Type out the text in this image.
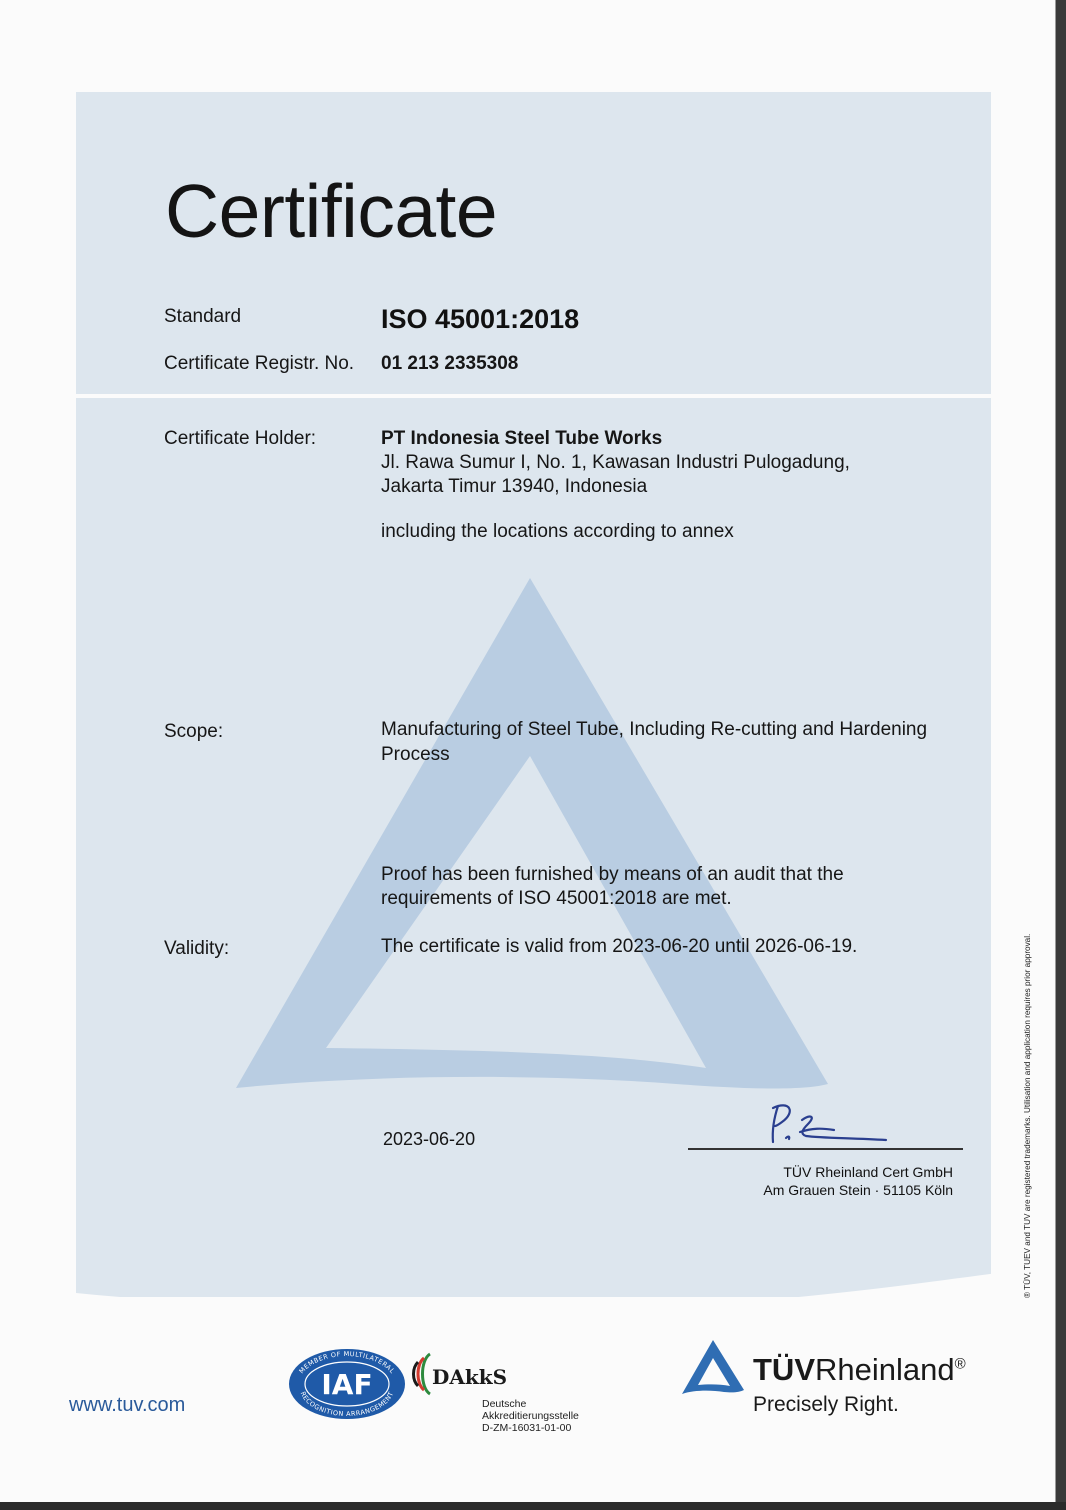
Certificate
Standard	ISO 45001:2018
Certificate Registr. No. 01 213 2335308
Certificate Holder:	PT Indonesia Steel Tube Works
Jl. Rawa Sumur I, No. 1, Kawasan Industri Pulogadung,
Jakarta Timur 13940, Indonesia
including the locations according to annex
Scope:	Manufacturing of Steel Tube, Including Re-cutting and Hardening
Process
Proof has been furnished by means of an audit that the
requirements of ISO 45001:2018 are met.
Validity:	The certificate is valid from 2023-06-20 until 2026-06-19.
2023-06-20
TÜV Rheinland Cert GmbH
Am Grauen Stein · 51105 Köln	® TÜV, TUEV and TUV are registered trademarks. Utilisation and application requires prior approval.
www.tuv.com
MEMBER OF MULTILATERAL
RECOGNITION ARRANGEMENT
IAF	DAkkS
Deutsche
Akkreditierungsstelle
D-ZM-16031-01-00
TÜVRheinland®
Precisely Right.
